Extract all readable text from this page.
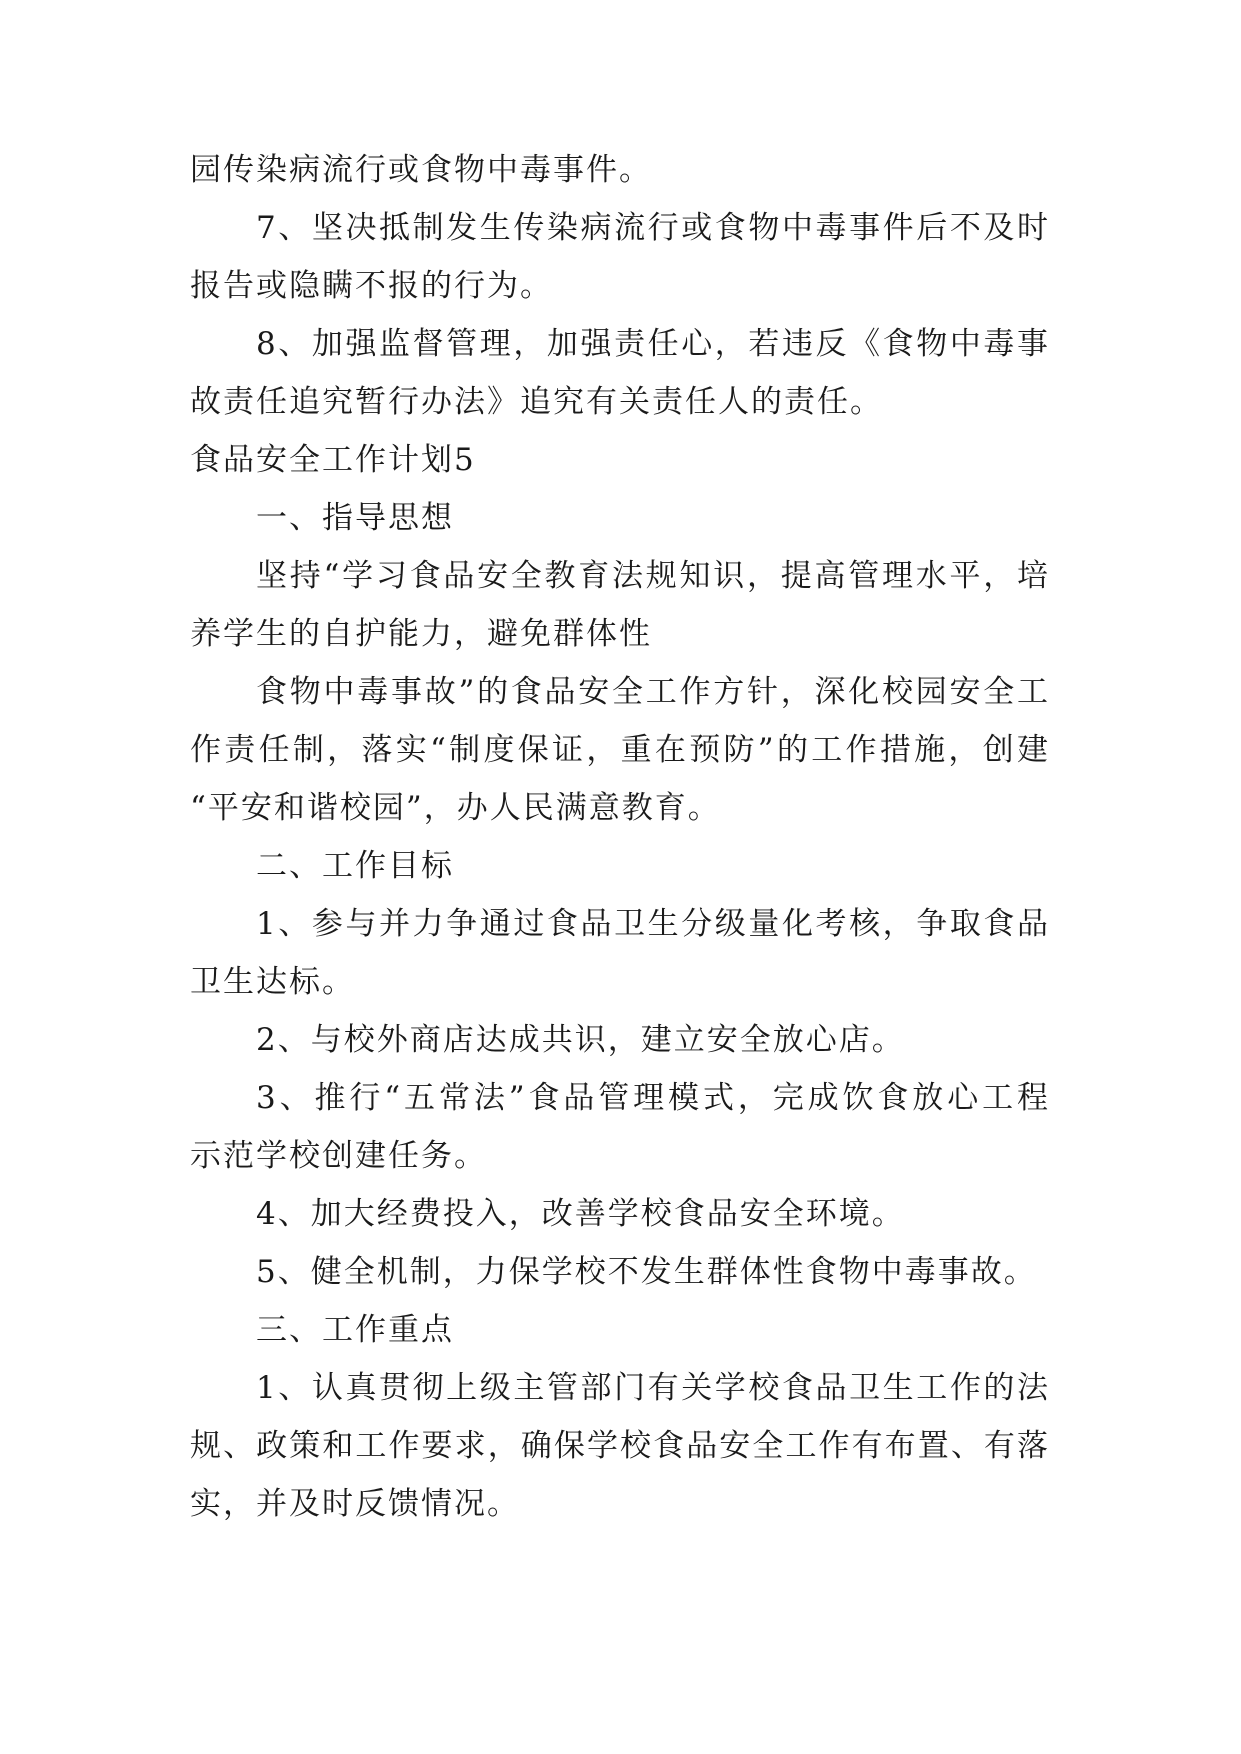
园传染病流行或食物中毒事件。
7、坚决抵制发生传染病流行或食物中毒事件后不及时
报告或隐瞒不报的行为。
8、加强监督管理，加强责任心，若违反《食物中毒事
故责任追究暂行办法》追究有关责任人的责任。
食品安全工作计划5
一、指导思想
坚持“学习食品安全教育法规知识，提高管理水平，培
养学生的自护能力，避免群体性
食物中毒事故”的食品安全工作方针，深化校园安全工
作责任制，落实“制度保证，重在预防”的工作措施，创建
“平安和谐校园”，办人民满意教育。
二、工作目标
1、参与并力争通过食品卫生分级量化考核，争取食品
卫生达标。
2、与校外商店达成共识，建立安全放心店。
3、推行“五常法”食品管理模式，完成饮食放心工程
示范学校创建任务。
4、加大经费投入，改善学校食品安全环境。
5、健全机制，力保学校不发生群体性食物中毒事故。
三、工作重点
1、认真贯彻上级主管部门有关学校食品卫生工作的法
规、政策和工作要求，确保学校食品安全工作有布置、有落
实，并及时反馈情况。
